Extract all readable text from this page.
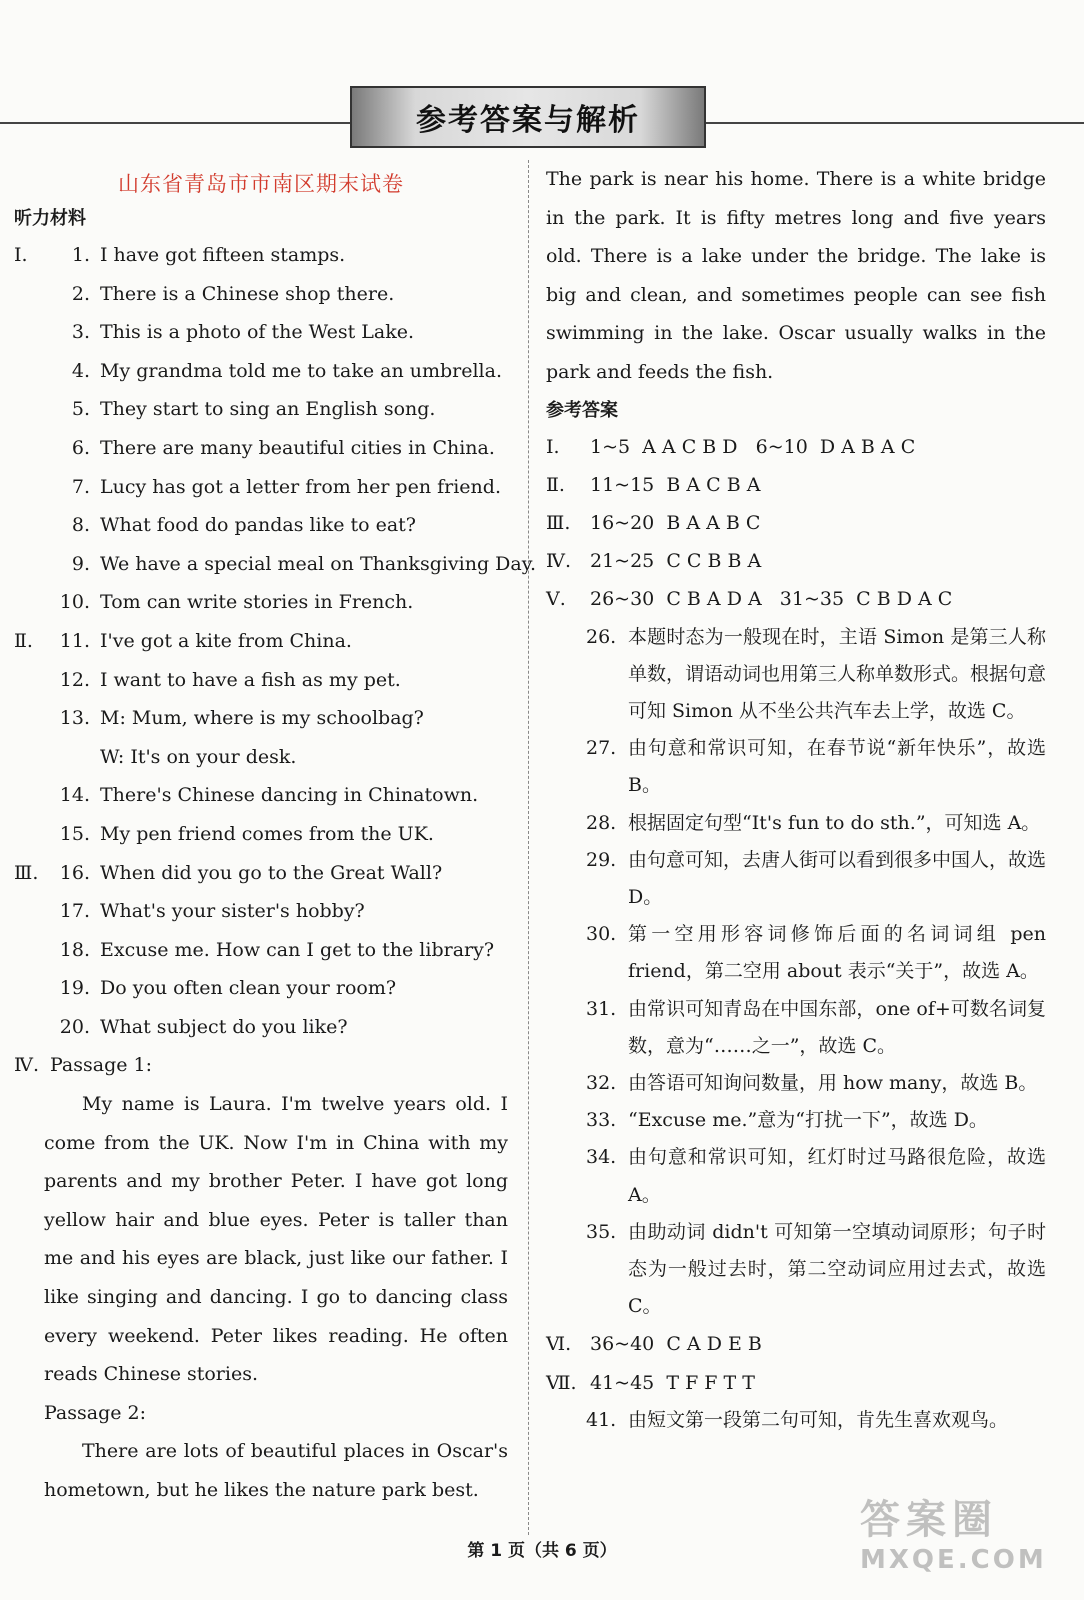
参考答案与解析
山东省青岛市市南区期末试卷
听力材料
Ⅰ. 1. I have got fifteen stamps.
2. There is a Chinese shop there.
3. This is a photo of the West Lake.
4. My grandma told me to take an umbrella.
5. They start to sing an English song.
6. There are many beautiful cities in China.
7. Lucy has got a letter from her pen friend.
8. What food do pandas like to eat?
9. We have a special meal on Thanksgiving Day.
10. Tom can write stories in French.
Ⅱ. 11. I've got a kite from China.
12. I want to have a fish as my pet.
13. M: Mum, where is my schoolbag?
W: It's on your desk.
14. There's Chinese dancing in Chinatown.
15. My pen friend comes from the UK.
Ⅲ. 16. When did you go to the Great Wall?
17. What's your sister's hobby?
18. Excuse me. How can I get to the library?
19. Do you often clean your room?
20. What subject do you like?
Ⅳ. Passage 1:
My name is Laura. I'm twelve years old. I come from the UK. Now I'm in China with my parents and my brother Peter. I have got long yellow hair and blue eyes. Peter is taller than me and his eyes are black, just like our father. I like singing and dancing. I go to dancing class every weekend. Peter likes reading. He often reads Chinese stories.
Passage 2:
There are lots of beautiful places in Oscar's hometown, but he likes the nature park best.
The park is near his home. There is a white bridge in the park. It is fifty metres long and five years old. There is a lake under the bridge. The lake is big and clean, and sometimes people can see fish swimming in the lake. Oscar usually walks in the park and feeds the fish.
参考答案
Ⅰ. 1~5  A A C B D   6~10  D A B A C
Ⅱ. 11~15  B A C B A
Ⅲ. 16~20  B A A B C
Ⅳ. 21~25  C C B B A
Ⅴ. 26~30  C B A D A   31~35  C B D A C
26. 本题时态为一般现在时，主语 Simon 是第三人称单数，谓语动词也用第三人称单数形式。根据句意可知 Simon 从不坐公共汽车去上学，故选 C。
27. 由句意和常识可知，在春节说“新年快乐”，故选 B。
28. 根据固定句型“It's fun to do sth.”，可知选 A。
29. 由句意可知，去唐人街可以看到很多中国人，故选 D。
30. 第一空用形容词修饰后面的名词词组 pen friend，第二空用 about 表示“关于”，故选 A。
31. 由常识可知青岛在中国东部，one of+可数名词复数，意为“……之一”，故选 C。
32. 由答语可知询问数量，用 how many，故选 B。
33. “Excuse me.”意为“打扰一下”，故选 D。
34. 由句意和常识可知，红灯时过马路很危险，故选 A。
35. 由助动词 didn't 可知第一空填动词原形；句子时态为一般过去时，第二空动词应用过去式，故选 C。
Ⅵ. 36~40  C A D E B
Ⅶ. 41~45  T F F T T
41. 由短文第一段第二句可知，肯先生喜欢观鸟。
第 1 页（共 6 页）
答案圈
MXQE.COM
